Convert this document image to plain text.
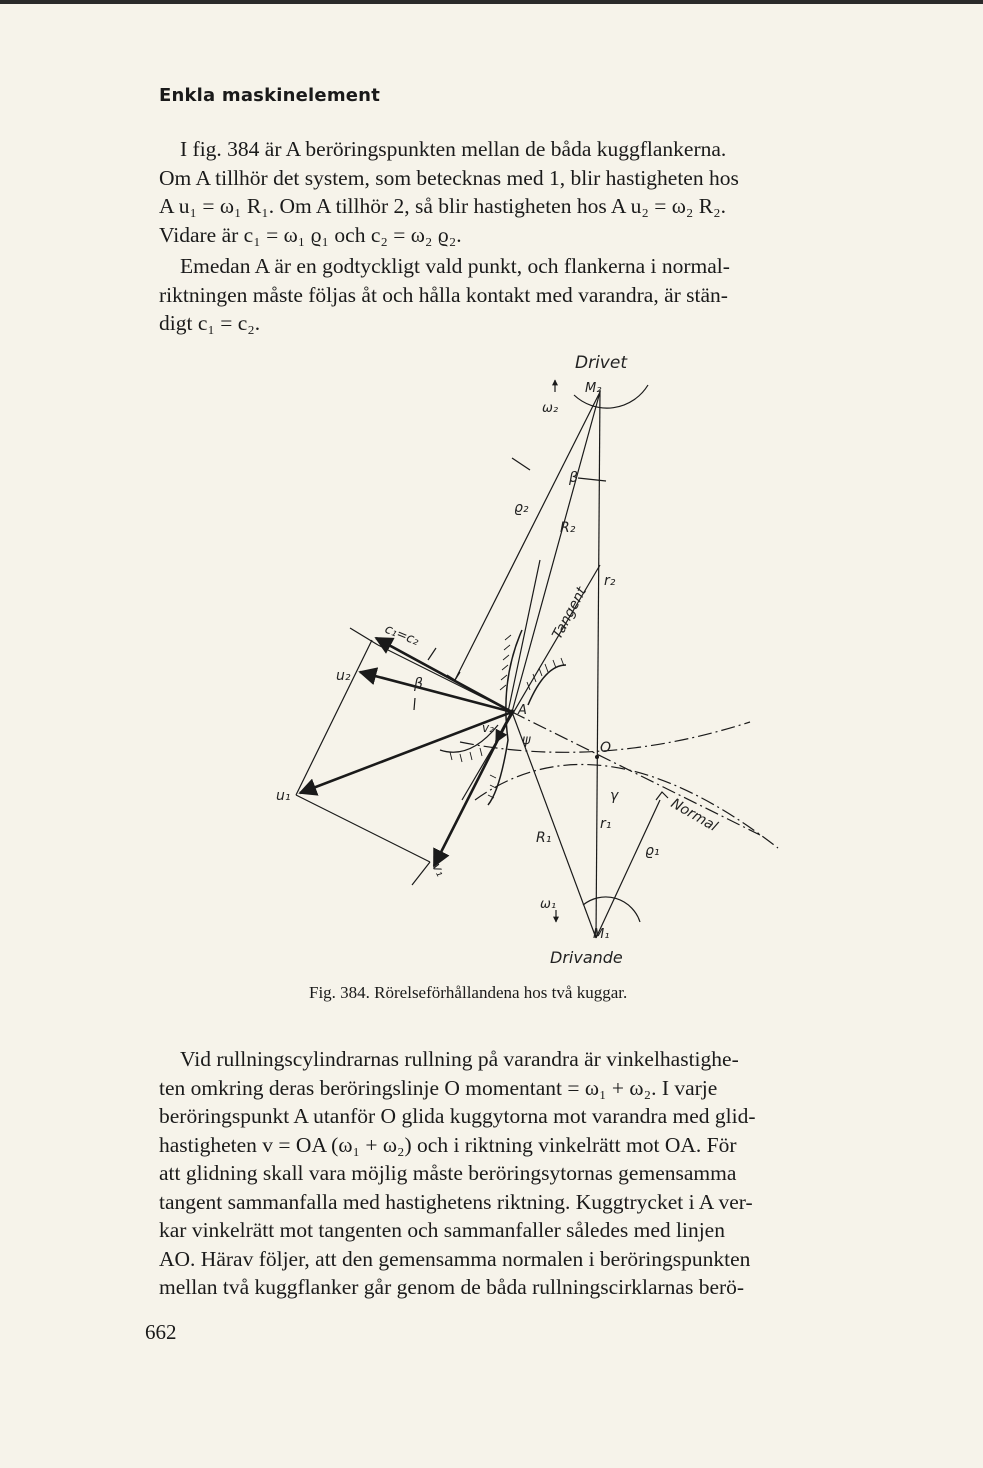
Enkla maskinelement
I fig. 384 är A beröringspunkten mellan de båda kuggflankerna.
Om A tillhör det system, som betecknas med 1, blir hastigheten hos
A u₁ = ω₁ R₁. Om A tillhör 2, så blir hastigheten hos A u₂ = ω₂ R₂.
Vidare är c₁ = ω₁ ϱ₁ och c₂ = ω₂ ϱ₂.
Emedan A är en godtyckligt vald punkt, och flankerna i normal-
riktningen måste följas åt och hålla kontakt med varandra, är stän-
digt c₁ = c₂.
Drivet
M₂
ω₂
β
ϱ₂
R₂
r₂
Tangent
c₁=c₂
u₂	β
A
v₂
ψ	O
u₁	γ	Normal
r₁
R₁
ϱ₁
v₁
ω₁
M₁
Drivande
Fig. 384. Rörelseförhållandena hos två kuggar.
Vid rullningscylindrarnas rullning på varandra är vinkelhastighe-
ten omkring deras beröringslinje O momentant = ω₁ + ω₂. I varje
beröringspunkt A utanför O glida kuggytorna mot varandra med glid-
hastigheten v = OA (ω₁ + ω₂) och i riktning vinkelrätt mot OA. För
att glidning skall vara möjlig måste beröringsytornas gemensamma
tangent sammanfalla med hastighetens riktning. Kuggtrycket i A ver-
kar vinkelrätt mot tangenten och sammanfaller således med linjen
AO. Härav följer, att den gemensamma normalen i beröringspunkten
mellan två kuggflanker går genom de båda rullningscirklarnas berö-
662
